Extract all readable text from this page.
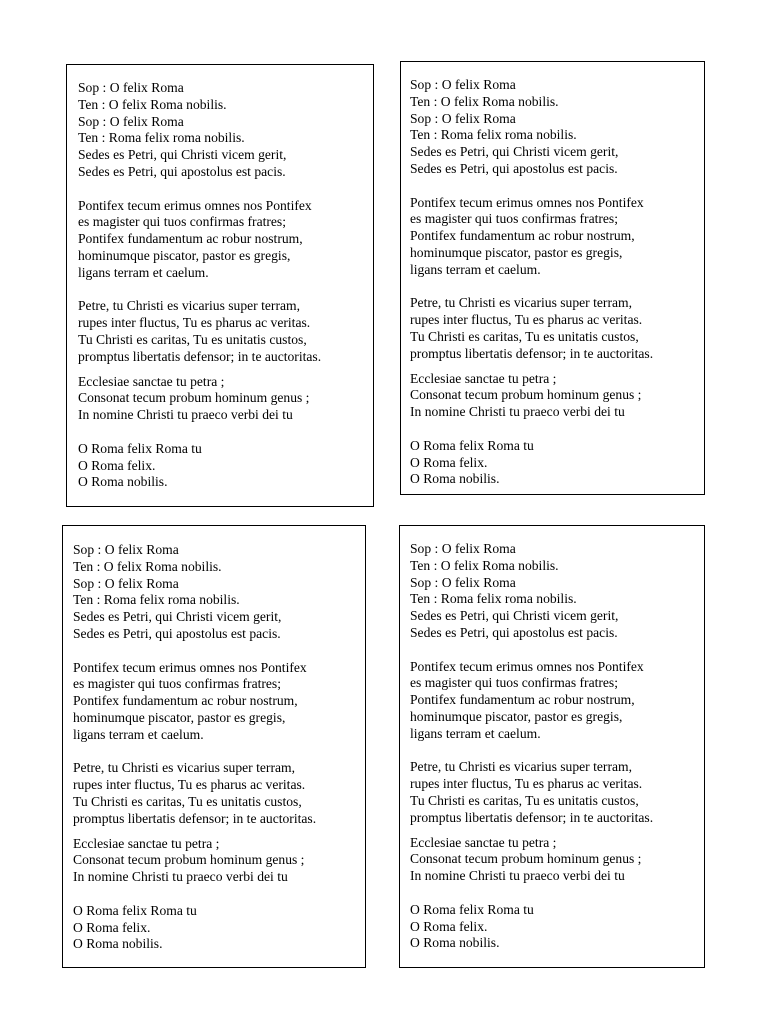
Sop : O felix Roma
Ten : O felix Roma nobilis.
Sop : O felix Roma
Ten : Roma felix roma nobilis.
Sedes es Petri, qui Christi vicem gerit,
Sedes es Petri, qui apostolus est pacis.
Pontifex tecum erimus omnes nos Pontifex
es magister qui tuos confirmas fratres;
Pontifex fundamentum ac robur nostrum,
hominumque piscator, pastor es gregis,
ligans terram et caelum.
Petre, tu Christi es vicarius super terram,
rupes inter fluctus, Tu es pharus ac veritas.
Tu Christi es caritas, Tu es unitatis custos,
promptus libertatis defensor; in te auctoritas.
Ecclesiae sanctae tu petra ;
Consonat tecum probum hominum genus ;
In nomine Christi tu praeco verbi dei tu
O Roma felix Roma tu
O Roma felix.
O Roma nobilis.
Sop : O felix Roma
Ten : O felix Roma nobilis.
Sop : O felix Roma
Ten : Roma felix roma nobilis.
Sedes es Petri, qui Christi vicem gerit,
Sedes es Petri, qui apostolus est pacis.
Pontifex tecum erimus omnes nos Pontifex
es magister qui tuos confirmas fratres;
Pontifex fundamentum ac robur nostrum,
hominumque piscator, pastor es gregis,
ligans terram et caelum.
Petre, tu Christi es vicarius super terram,
rupes inter fluctus, Tu es pharus ac veritas.
Tu Christi es caritas, Tu es unitatis custos,
promptus libertatis defensor; in te auctoritas.
Ecclesiae sanctae tu petra ;
Consonat tecum probum hominum genus ;
In nomine Christi tu praeco verbi dei tu
O Roma felix Roma tu
O Roma felix.
O Roma nobilis.
Sop : O felix Roma
Ten : O felix Roma nobilis.
Sop : O felix Roma
Ten : Roma felix roma nobilis.
Sedes es Petri, qui Christi vicem gerit,
Sedes es Petri, qui apostolus est pacis.
Pontifex tecum erimus omnes nos Pontifex
es magister qui tuos confirmas fratres;
Pontifex fundamentum ac robur nostrum,
hominumque piscator, pastor es gregis,
ligans terram et caelum.
Petre, tu Christi es vicarius super terram,
rupes inter fluctus, Tu es pharus ac veritas.
Tu Christi es caritas, Tu es unitatis custos,
promptus libertatis defensor; in te auctoritas.
Ecclesiae sanctae tu petra ;
Consonat tecum probum hominum genus ;
In nomine Christi tu praeco verbi dei tu
O Roma felix Roma tu
O Roma felix.
O Roma nobilis.
Sop : O felix Roma
Ten : O felix Roma nobilis.
Sop : O felix Roma
Ten : Roma felix roma nobilis.
Sedes es Petri, qui Christi vicem gerit,
Sedes es Petri, qui apostolus est pacis.
Pontifex tecum erimus omnes nos Pontifex
es magister qui tuos confirmas fratres;
Pontifex fundamentum ac robur nostrum,
hominumque piscator, pastor es gregis,
ligans terram et caelum.
Petre, tu Christi es vicarius super terram,
rupes inter fluctus, Tu es pharus ac veritas.
Tu Christi es caritas, Tu es unitatis custos,
promptus libertatis defensor; in te auctoritas.
Ecclesiae sanctae tu petra ;
Consonat tecum probum hominum genus ;
In nomine Christi tu praeco verbi dei tu
O Roma felix Roma tu
O Roma felix.
O Roma nobilis.
